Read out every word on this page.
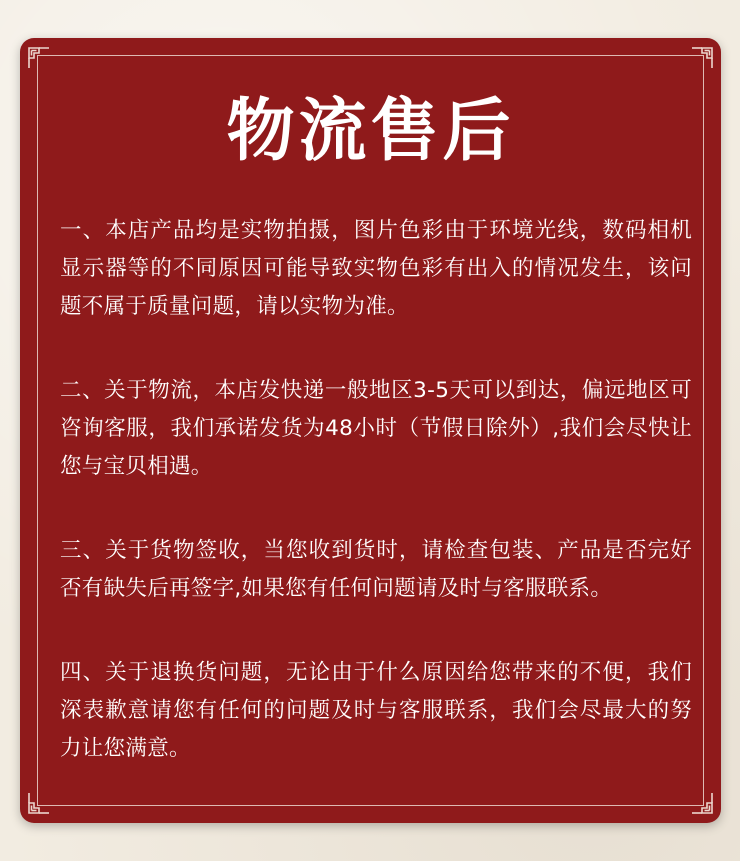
物流售后
一、本店产品均是实物拍摄，图片色彩由于环境光线，数码相机显示器等的不同原因可能导致实物色彩有出入的情况发生，该问题不属于质量问题，请以实物为准。
二、关于物流，本店发快递一般地区3-5天可以到达，偏远地区可咨询客服，我们承诺发货为48小时（节假日除外）,我们会尽快让您与宝贝相遇。
三、关于货物签收，当您收到货时，请检查包装、产品是否完好否有缺失后再签字,如果您有任何问题请及时与客服联系。
四、关于退换货问题，无论由于什么原因给您带来的不便，我们深表歉意请您有任何的问题及时与客服联系，我们会尽最大的努力让您满意。
